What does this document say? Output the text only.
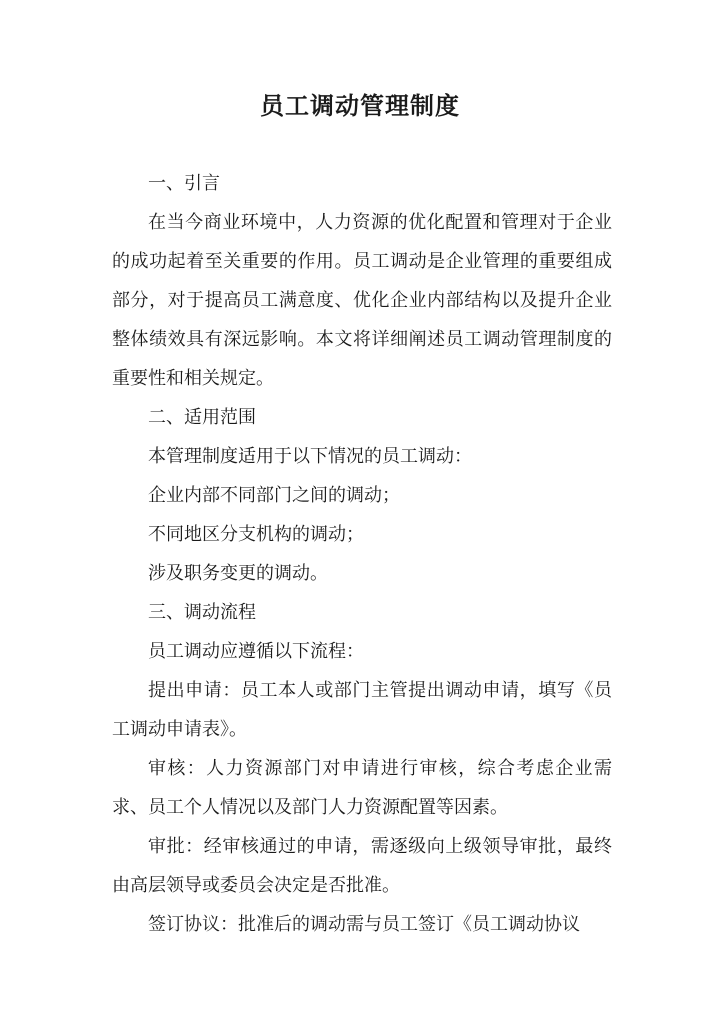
员工调动管理制度

一、引言

在当今商业环境中，人力资源的优化配置和管理对于企业的成功起着至关重要的作用。员工调动是企业管理的重要组成部分，对于提高员工满意度、优化企业内部结构以及提升企业整体绩效具有深远影响。本文将详细阐述员工调动管理制度的重要性和相关规定。

二、适用范围

本管理制度适用于以下情况的员工调动：

企业内部不同部门之间的调动；

不同地区分支机构的调动；

涉及职务变更的调动。

三、调动流程

员工调动应遵循以下流程：

提出申请：员工本人或部门主管提出调动申请，填写《员工调动申请表》。

审核：人力资源部门对申请进行审核，综合考虑企业需求、员工个人情况以及部门人力资源配置等因素。

审批：经审核通过的申请，需逐级向上级领导审批，最终由高层领导或委员会决定是否批准。

签订协议：批准后的调动需与员工签订《员工调动协议
